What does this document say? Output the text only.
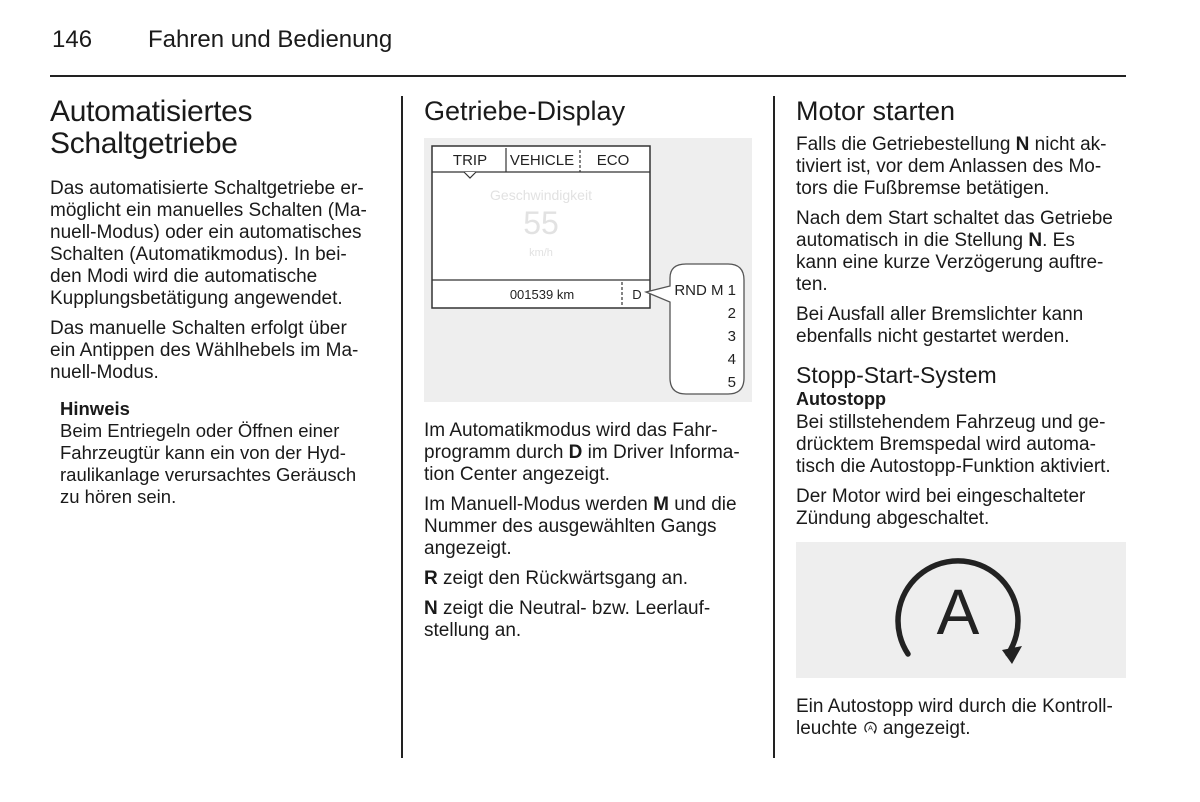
146 Fahren und Bedienung
Automatisiertes
Schaltgetriebe

Das automatisierte Schaltgetriebe er-
möglicht ein manuelles Schalten (Ma-
nuell-Modus) oder ein automatisches
Schalten (Automatikmodus). In bei-
den Modi wird die automatische
Kupplungsbetätigung angewendet.

Das manuelle Schalten erfolgt über
ein Antippen des Wählhebels im Ma-
nuell-Modus.

Hinweis
Beim Entriegeln oder Öffnen einer
Fahrzeugtür kann ein von der Hyd-
raulikanlage verursachtes Geräusch
zu hören sein.
Getriebe-Display
TRIP VEHICLE ECO
Geschwindigkeit
55
km/h
001539 km	D RND M 1
2
3
4
5

Im Automatikmodus wird das Fahr-
programm durch D im Driver Informa-
tion Center angezeigt.

Im Manuell-Modus werden M und die
Nummer des ausgewählten Gangs
angezeigt.

R zeigt den Rückwärtsgang an.

N zeigt die Neutral- bzw. Leerlauf-
stellung an.

Motor starten

Falls die Getriebestellung N nicht ak-
tiviert ist, vor dem Anlassen des Mo-
tors die Fußbremse betätigen.

Nach dem Start schaltet das Getriebe
automatisch in die Stellung N. Es
kann eine kurze Verzögerung auftre-
ten.

Bei Ausfall aller Bremslichter kann
ebenfalls nicht gestartet werden.

Stopp-Start-System
Autostopp

Bei stillstehendem Fahrzeug und ge-
drücktem Bremspedal wird automa-
tisch die Autostopp-Funktion aktiviert.

Der Motor wird bei eingeschalteter
Zündung abgeschaltet.

A

Ein Autostopp wird durch die Kontroll-
leuchte A angezeigt.
